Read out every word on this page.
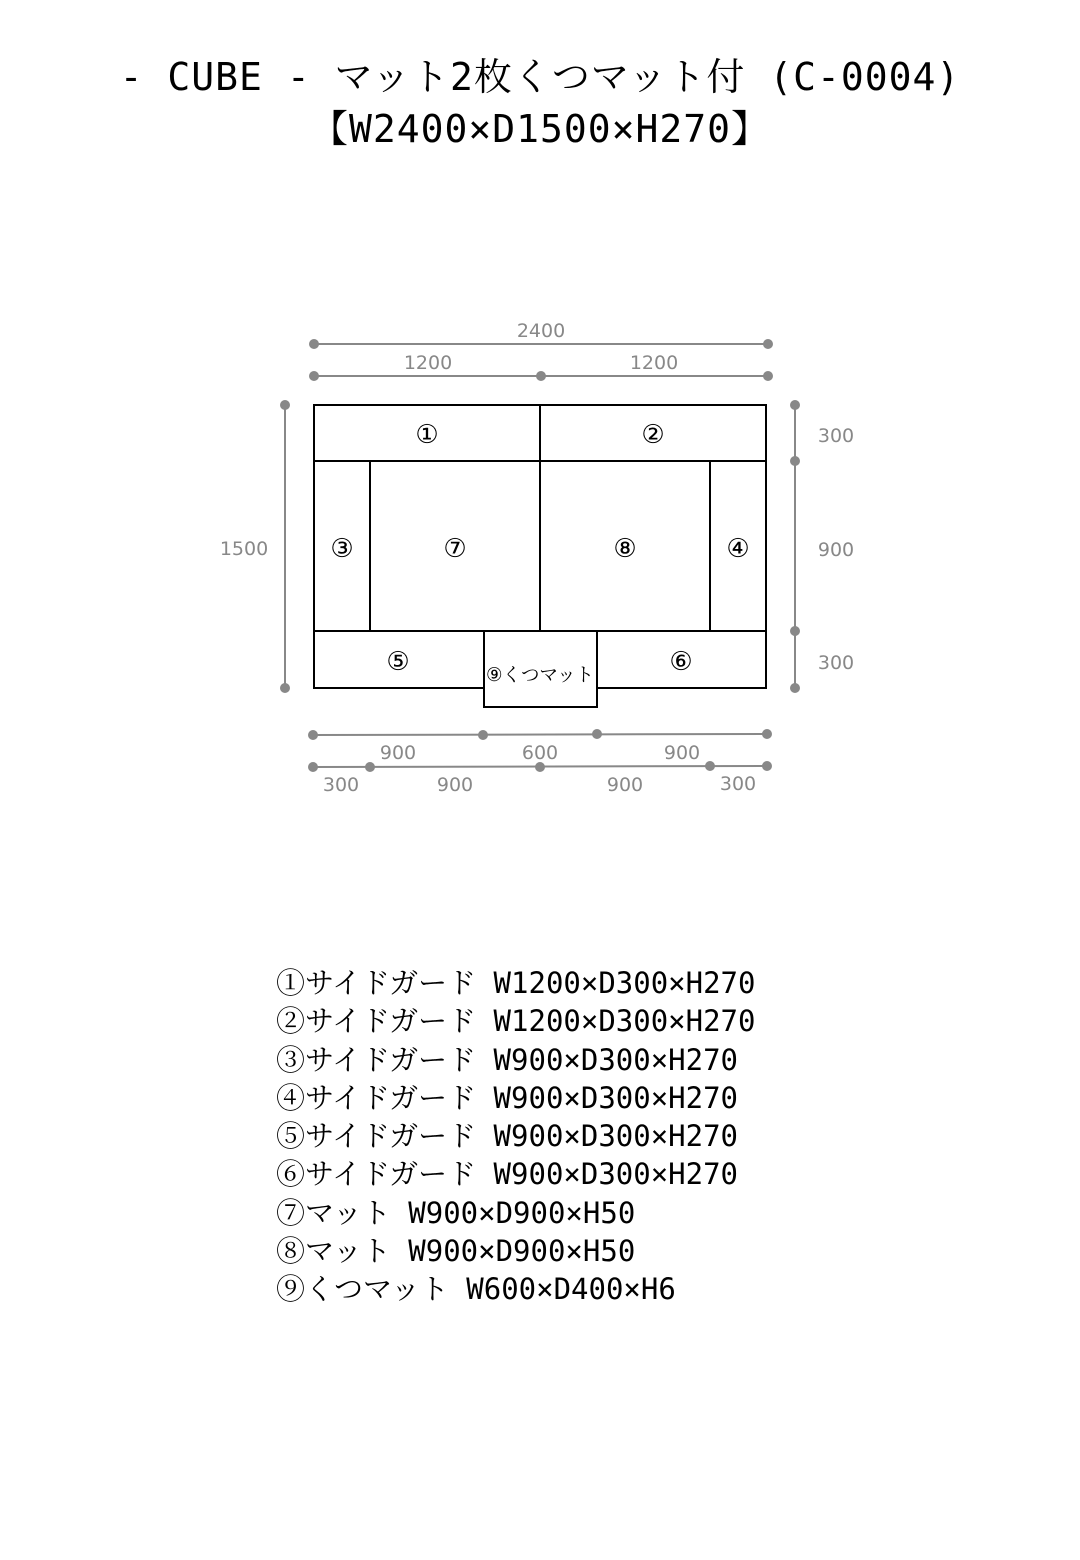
- CUBE - マット2枚くつマット付 (C-0004)
【W2400×D1500×H270】
①	②
③	⑦	⑧	④
⑤	⑥
⑨くつマット
2400
1200	1200
1500
300
900
300
900	600	900
300	900	900	300
①サイドガード W1200×D300×H270
②サイドガード W1200×D300×H270
③サイドガード W900×D300×H270
④サイドガード W900×D300×H270
⑤サイドガード W900×D300×H270
⑥サイドガード W900×D300×H270
⑦マット W900×D900×H50
⑧マット W900×D900×H50
⑨くつマット W600×D400×H6
